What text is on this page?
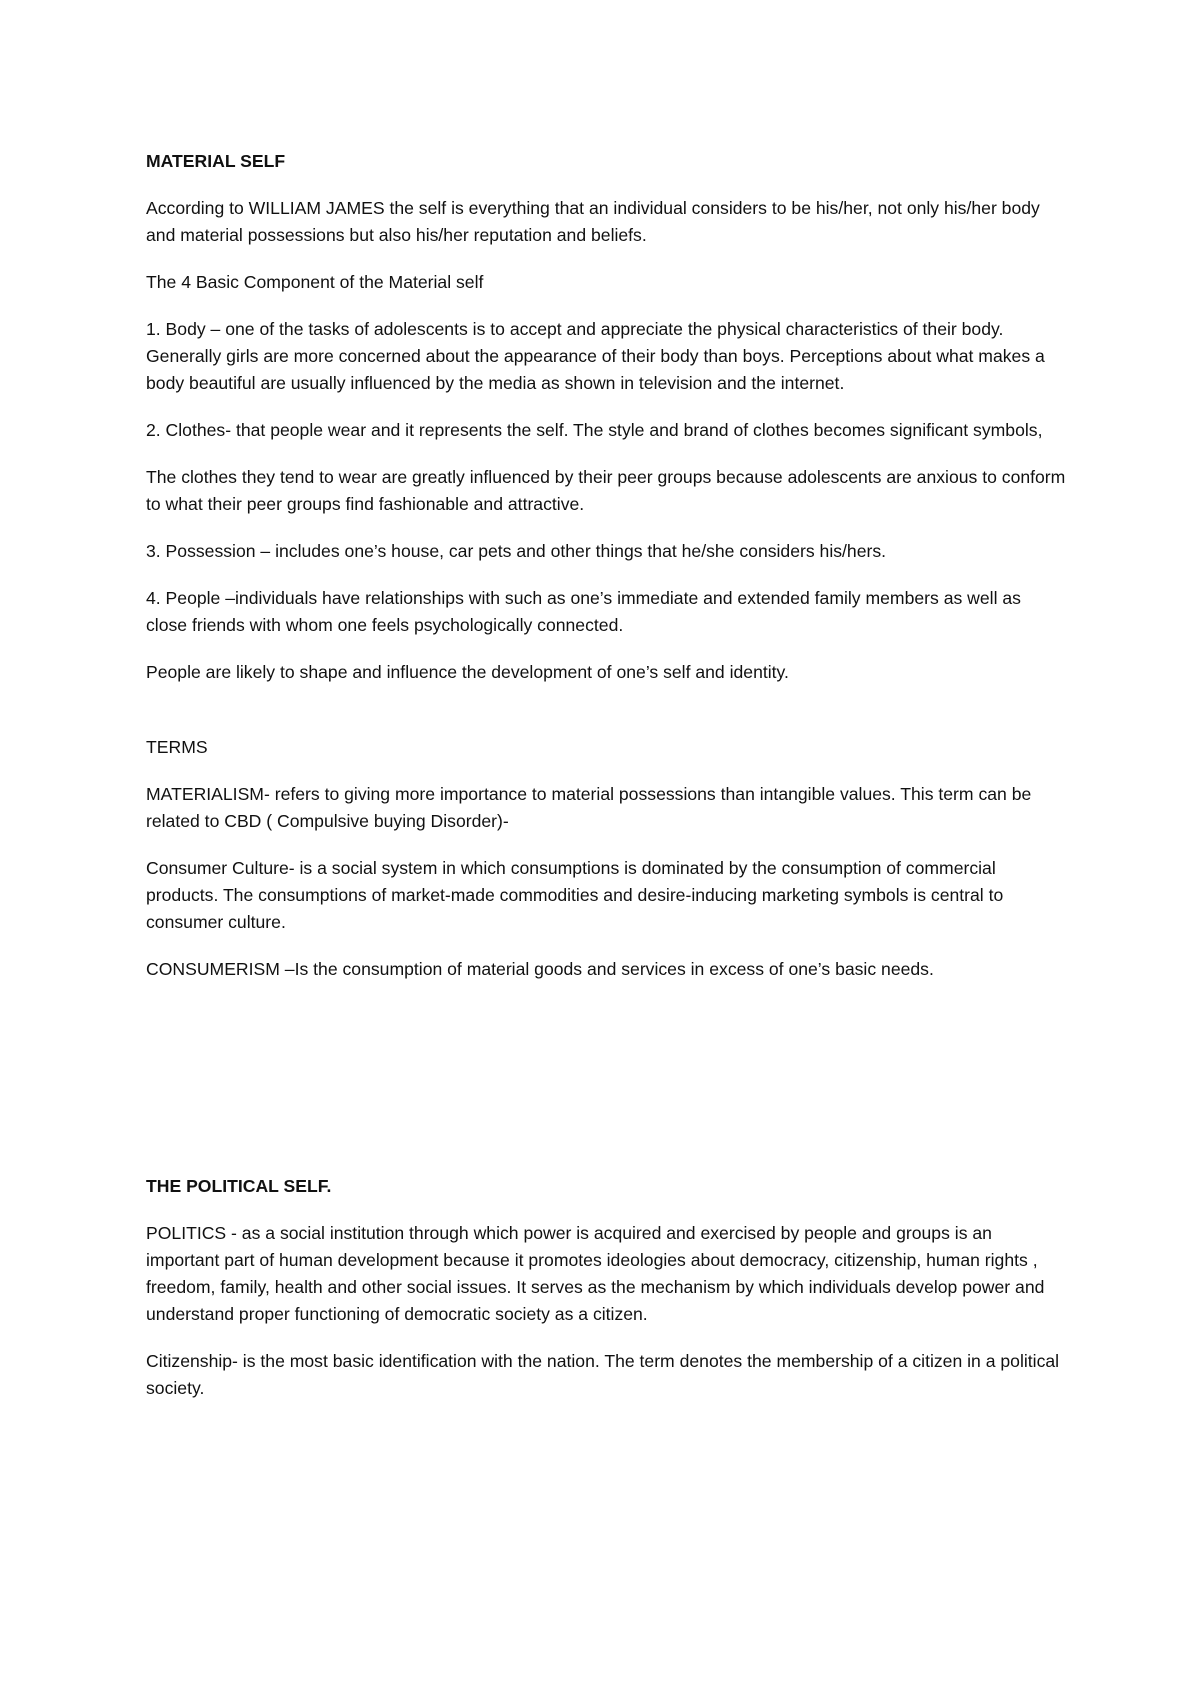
MATERIAL SELF

According to WILLIAM JAMES the self is everything that an individual considers to be his/her, not only his/her body and material possessions but also his/her reputation and beliefs.

The 4 Basic Component of the Material self

1. Body – one of the tasks of adolescents is to accept and appreciate the physical characteristics of their body. Generally girls are more concerned about the appearance of their body than boys. Perceptions about what makes a body beautiful are usually influenced by the media as shown in television and the internet.

2. Clothes- that people wear and it represents the self. The style and brand of clothes becomes significant symbols,

The clothes they tend to wear are greatly influenced by their peer groups because adolescents are anxious to conform to what their peer groups find fashionable and attractive.

3. Possession – includes one’s house, car pets and other things that he/she considers his/hers.

4. People –individuals have relationships with such as one’s immediate and extended family members as well as close friends with whom one feels psychologically connected.

People are likely to shape and influence the development of one’s self and identity.

TERMS

MATERIALISM- refers to giving more importance to material possessions than intangible values. This term can be related to CBD ( Compulsive buying Disorder)-

Consumer Culture- is a social system in which consumptions is dominated by the consumption of commercial products. The consumptions of market-made commodities and desire-inducing marketing symbols is central to consumer culture.

CONSUMERISM –Is the consumption of material goods and services in excess of one’s basic needs.

THE POLITICAL SELF.

POLITICS - as a social institution through which power is acquired and exercised by people and groups is an important part of human development because it promotes ideologies about democracy, citizenship, human rights , freedom, family, health and other social issues. It serves as the mechanism by which individuals develop power and understand proper functioning of democratic society as a citizen.

Citizenship- is the most basic identification with the nation. The term denotes the membership of a citizen in a political society.
